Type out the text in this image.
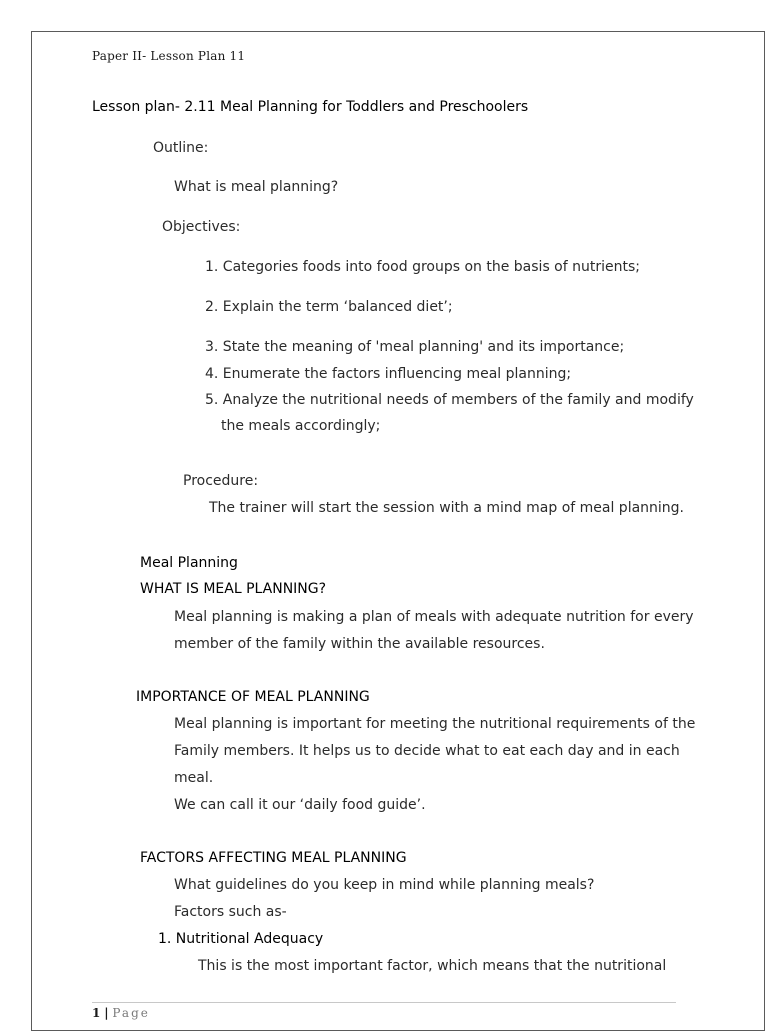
Paper II- Lesson Plan 11

Lesson plan- 2.11 Meal Planning for Toddlers and Preschoolers

Outline:

What is meal planning?

Objectives:

1. Categories foods into food groups on the basis of nutrients;

2. Explain the term ‘balanced diet’;

3. State the meaning of 'meal planning' and its importance;

4. Enumerate the factors influencing meal planning;

5. Analyze the nutritional needs of members of the family and modify

the meals accordingly;

Procedure:

The trainer will start the session with a mind map of meal planning.

Meal Planning

WHAT IS MEAL PLANNING?

Meal planning is making a plan of meals with adequate nutrition for every

member of the family within the available resources.

IMPORTANCE OF MEAL PLANNING

Meal planning is important for meeting the nutritional requirements of the

Family members. It helps us to decide what to eat each day and in each

meal.

We can call it our ‘daily food guide’.

FACTORS AFFECTING MEAL PLANNING

What guidelines do you keep in mind while planning meals?

Factors such as-

1. Nutritional Adequacy

This is the most important factor, which means that the nutritional

1 | Page
